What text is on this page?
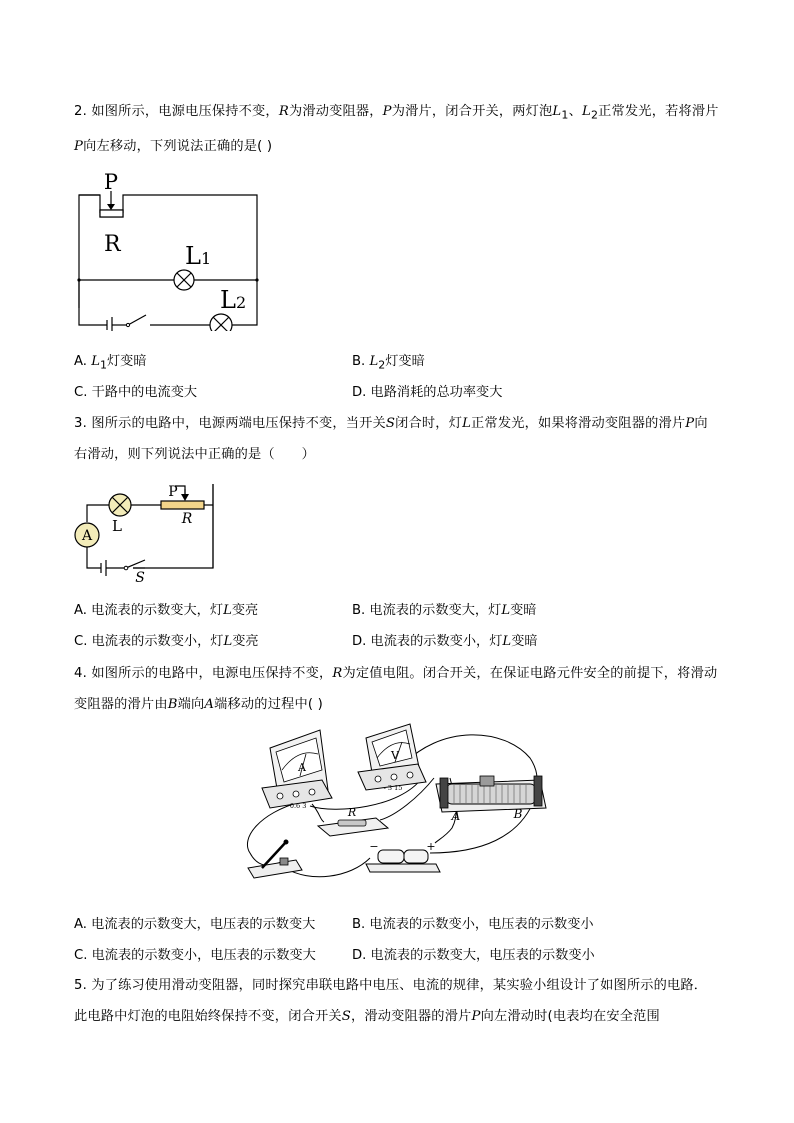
2. 如图所示，电源电压保持不变，R为滑动变阻器，P为滑片，闭合开关，两灯泡$L_1$、$L_2$正常发光，若将滑片P向左移动，下列说法正确的是( )

P
R	L1
L2
A. $L_1$灯变暗	B. $L_2$灯变暗
C. 干路中的电流变大	D. 电路消耗的总功率变大

3. 图所示的电路中，电源两端电压保持不变，当开关S闭合时，灯L正常发光，如果将滑动变阻器的滑片P向右滑动，则下列说法中正确的是（　　）

A
L
P
R
S
A. 电流表的示数变大，灯L变亮	B. 电流表的示数变大，灯L变暗
C. 电流表的示数变小，灯L变亮	D. 电流表的示数变小，灯L变暗

4. 如图所示的电路中，电源电压保持不变，R为定值电阻。闭合开关，在保证电路元件安全的前提下，将滑动变阻器的滑片由B端向A端移动的过程中( )

A
- 0.6 3
V
- 3 15
R	A	B
−	+
A. 电流表的示数变大，电压表的示数变大	B. 电流表的示数变小，电压表的示数变小
C. 电流表的示数变小，电压表的示数变大	D. 电流表的示数变大，电压表的示数变小

5. 为了练习使用滑动变阻器，同时探究串联电路中电压、电流的规律，某实验小组设计了如图所示的电路．此电路中灯泡的电阻始终保持不变，闭合开关S，滑动变阻器的滑片P向左滑动时(电表均在安全范围
